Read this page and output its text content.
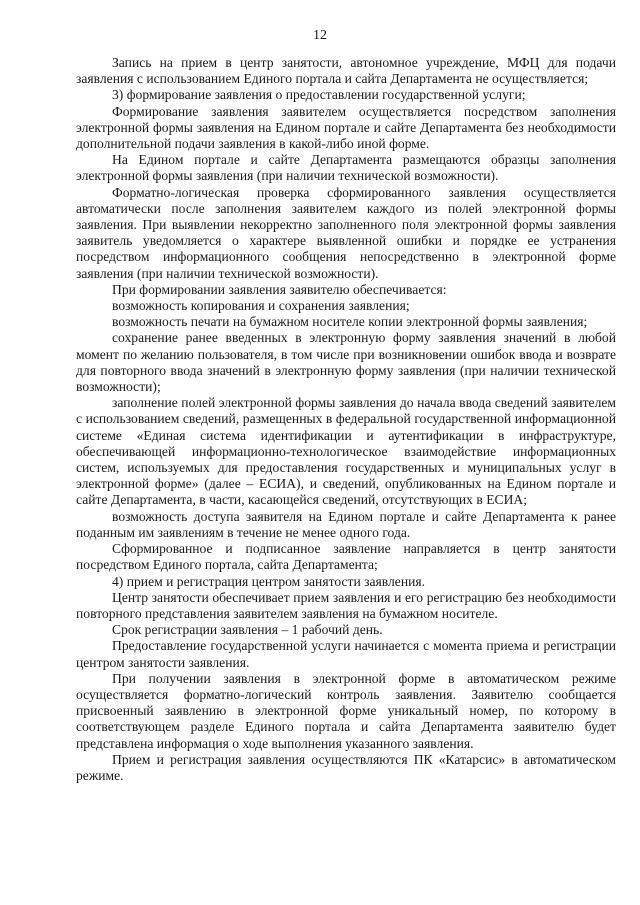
12

Запись на прием в центр занятости, автономное учреждение, МФЦ для подачи заявления с использованием Единого портала и сайта Департамента не осуществляется;

3) формирование заявления о предоставлении государственной услуги;

Формирование заявления заявителем осуществляется посредством заполнения электронной формы заявления на Едином портале и сайте Департамента без необходимости дополнительной подачи заявления в какой-либо иной форме.

На Едином портале и сайте Департамента размещаются образцы заполнения электронной формы заявления (при наличии технической возможности).

Форматно-логическая проверка сформированного заявления осуществляется автоматически после заполнения заявителем каждого из полей электронной формы заявления. При выявлении некорректно заполненного поля электронной формы заявления заявитель уведомляется о характере выявленной ошибки и порядке ее устранения посредством информационного сообщения непосредственно в электронной форме заявления (при наличии технической возможности).

При формировании заявления заявителю обеспечивается:

возможность копирования и сохранения заявления;

возможность печати на бумажном носителе копии электронной формы заявления;

сохранение ранее введенных в электронную форму заявления значений в любой момент по желанию пользователя, в том числе при возникновении ошибок ввода и возврате для повторного ввода значений в электронную форму заявления (при наличии технической возможности);

заполнение полей электронной формы заявления до начала ввода сведений заявителем с использованием сведений, размещенных в федеральной государственной информационной системе «Единая система идентификации и аутентификации в инфраструктуре, обеспечивающей информационно-технологическое взаимодействие информационных систем, используемых для предоставления государственных и муниципальных услуг в электронной форме» (далее – ЕСИА), и сведений, опубликованных на Едином портале и сайте Департамента, в части, касающейся сведений, отсутствующих в ЕСИА;

возможность доступа заявителя на Едином портале и сайте Департамента к ранее поданным им заявлениям в течение не менее одного года.

Сформированное и подписанное заявление направляется в центр занятости посредством Единого портала, сайта Департамента;

4) прием и регистрация центром занятости заявления.

Центр занятости обеспечивает прием заявления и его регистрацию без необходимости повторного представления заявителем заявления на бумажном носителе.

Срок регистрации заявления – 1 рабочий день.

Предоставление государственной услуги начинается с момента приема и регистрации центром занятости заявления.

При получении заявления в электронной форме в автоматическом режиме осуществляется форматно-логический контроль заявления. Заявителю сообщается присвоенный заявлению в электронной форме уникальный номер, по которому в соответствующем разделе Единого портала и сайта Департамента заявителю будет представлена информация о ходе выполнения указанного заявления.

Прием и регистрация заявления осуществляются ПК «Катарсис» в автоматическом режиме.
